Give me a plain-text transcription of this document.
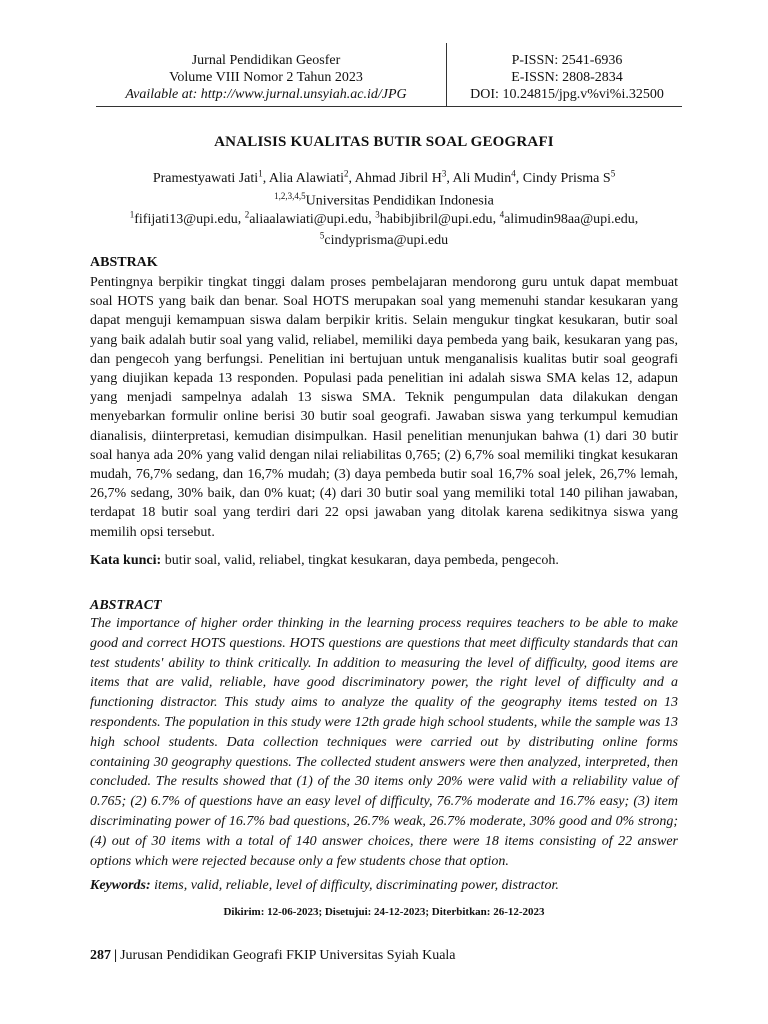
Jurnal Pendidikan Geosfer
Volume VIII Nomor 2 Tahun 2023
Available at: http://www.jurnal.unsyiah.ac.id/JPG
P-ISSN: 2541-6936
E-ISSN: 2808-2834
DOI: 10.24815/jpg.v%vi%i.32500
ANALISIS KUALITAS BUTIR SOAL GEOGRAFI
Pramestyawati Jati$^1$, Alia Alawiati$^2$, Ahmad Jibril $H^3$, Ali Mudin$^4$, Cindy Prisma $S^5$
$^{1,2,3,4,5}$Universitas Pendidikan Indonesia
$^1$fifijati13@upi.edu, $^2$aliaalawiati@upi.edu, $^3$habibjibril@upi.edu, $^4$alimudin98aa@upi.edu,
$^5$cindyprisma@upi.edu
ABSTRAK
Pentingnya berpikir tingkat tinggi dalam proses pembelajaran mendorong guru untuk dapat membuat soal HOTS yang baik dan benar. Soal HOTS merupakan soal yang memenuhi standar kesukaran yang dapat menguji kemampuan siswa dalam berpikir kritis. Selain mengukur tingkat kesukaran, butir soal yang baik adalah butir soal yang valid, reliabel, memiliki daya pembeda yang baik, kesukaran yang pas, dan pengecoh yang berfungsi. Penelitian ini bertujuan untuk menganalisis kualitas butir soal geografi yang diujikan kepada 13 responden. Populasi pada penelitian ini adalah siswa SMA kelas 12, adapun yang menjadi sampelnya adalah 13 siswa SMA. Teknik pengumpulan data dilakukan dengan menyebarkan formulir online berisi 30 butir soal geografi. Jawaban siswa yang terkumpul kemudian dianalisis, diinterpretasi, kemudian disimpulkan. Hasil penelitian menunjukan bahwa (1) dari 30 butir soal hanya ada 20% yang valid dengan nilai reliabilitas 0,765; (2) 6,7% soal memiliki tingkat kesukaran mudah, 76,7% sedang, dan 16,7% mudah; (3) daya pembeda butir soal 16,7% soal jelek, 26,7% lemah, 26,7% sedang, 30% baik, dan 0% kuat; (4) dari 30 butir soal yang memiliki total 140 pilihan jawaban, terdapat 18 butir soal yang terdiri dari 22 opsi jawaban yang ditolak karena sedikitnya siswa yang memilih opsi tersebut.
Kata kunci: butir soal, valid, reliabel, tingkat kesukaran, daya pembeda, pengecoh.
ABSTRACT
The importance of higher order thinking in the learning process requires teachers to be able to make good and correct HOTS questions. HOTS questions are questions that meet difficulty standards that can test students' ability to think critically. In addition to measuring the level of difficulty, good items are items that are valid, reliable, have good discriminatory power, the right level of difficulty and a functioning distractor. This study aims to analyze the quality of the geography items tested on 13 respondents. The population in this study were 12th grade high school students, while the sample was 13 high school students. Data collection techniques were carried out by distributing online forms containing 30 geography questions. The collected student answers were then analyzed, interpreted, then concluded. The results showed that (1) of the 30 items only 20% were valid with a reliability value of 0.765; (2) 6.7% of questions have an easy level of difficulty, 76.7% moderate and 16.7% easy; (3) item discriminating power of 16.7% bad questions, 26.7% weak, 26.7% moderate, 30% good and 0% strong; (4) out of 30 items with a total of 140 answer choices, there were 18 items consisting of 22 answer options which were rejected because only a few students chose that option.
Keywords: items, valid, reliable, level of difficulty, discriminating power, distractor.
Dikirim: 12-06-2023; Disetujui: 24-12-2023; Diterbitkan: 26-12-2023
287 | Jurusan Pendidikan Geografi FKIP Universitas Syiah Kuala
